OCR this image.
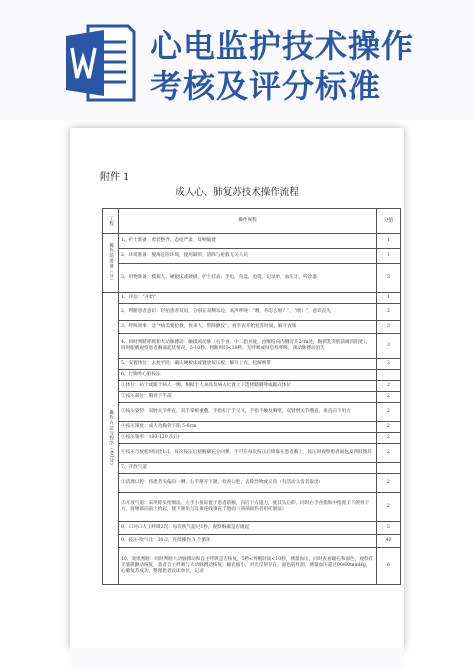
心电监护技术操作
考核及评分标准
附件 1
成人心、肺复苏技术操作流程
工程	操作规程	分值
操作前准备（分）	1、护士准备：着装整齐、态度严肃，反响敏捷	1
	2、环境准备：脱离危险环境，使用隔帘，清除与抢救无关人员	1
	3、用物准备：模拟人、硬板床或硬板、护士挂表，手电，弯盘，电筒，记录单，血压计，听诊器	3
操作方法与程序（60分）	1、评估：“开始”	1
	2、判断患者意识：轻拍患者双肩，分别在双侧耳边，高声呼唤：“喂，你怎么啦？”，“喂！”，意识丧失	2
	3、呼叫同事：急“*病需要抢救，快来人，带除颤仪”，看手表开始复苏时间，解开衣领	3
	4、同时判断呼吸和大动脉搏动：触摸颈动脉（右手食、中二指并拢，由喉结向内侧旁开2cm处，胸锁乳突肌前缘凹陷处），同时眼睛观察患者胸部起伏情况，5-10秒，判断时间<10秒，无呼吸或叹息样呼吸，颈动脉搏动消失	3
	5、安置体位：去枕平卧，确认硬板床或置放按压板，解开上衣，松解裤带	3
	6、行胸外心脏按压	
	①体位：站于或跪于病人一侧，根据个人身高及病人位置上下选择踏脚凳或跪式体位	2
	②按压部位：胸骨下半部	2
	③按压姿势：双肘关节伸直，双手掌根重叠，手指扣于手交叉，手指不触及胸壁，双臂肘关节绷直，垂直向下用力	2
	④按压深度：成人为胸骨下陷 5-6cm	2
	⑤按压频率：100-120 次/分	2
	⑥按压与放松时间比1:1，每次按压后使胸廓充分回弹，不可在每次按压后倚靠在患者胸上，按压时观察患者面色及四肢循环	2
	7、开放气道	
	①清理口腔：将患者头偏向一侧，右手掰开下颌，检查口腔，去除异物或义齿（有活动义齿者取出）	2
	②开放气道：采用仰头抬颏法，左手小鱼际置于患者前额，向后下方施力，使其头后仰，同时右手食指和中指置于下颌骨下方，将颏部向前上抬起，使下颌角与耳垂连线垂直于地面（颈部损伤者用托颌法）	2
	8、口对口人工呼吸2次：每次吹气超过1秒，观察胸廓是否隆起	3
	9、按压-吹气比：30:2，连续操作 5 个循环	40
	10、效果判断：同时判断大动脉搏动和自主呼吸是否恢复，5秒<判断时间<10秒，测量血压，同时查看瞳孔和面色，观察有无皱肌颤动恢复，患者自主呼吸与大动脉搏动恢复，瞳孔缩小，对光反射存在，面色转红润，测量血压超过90/60mmHg，心肺复苏成功，整理患者及床单位，记录	6
